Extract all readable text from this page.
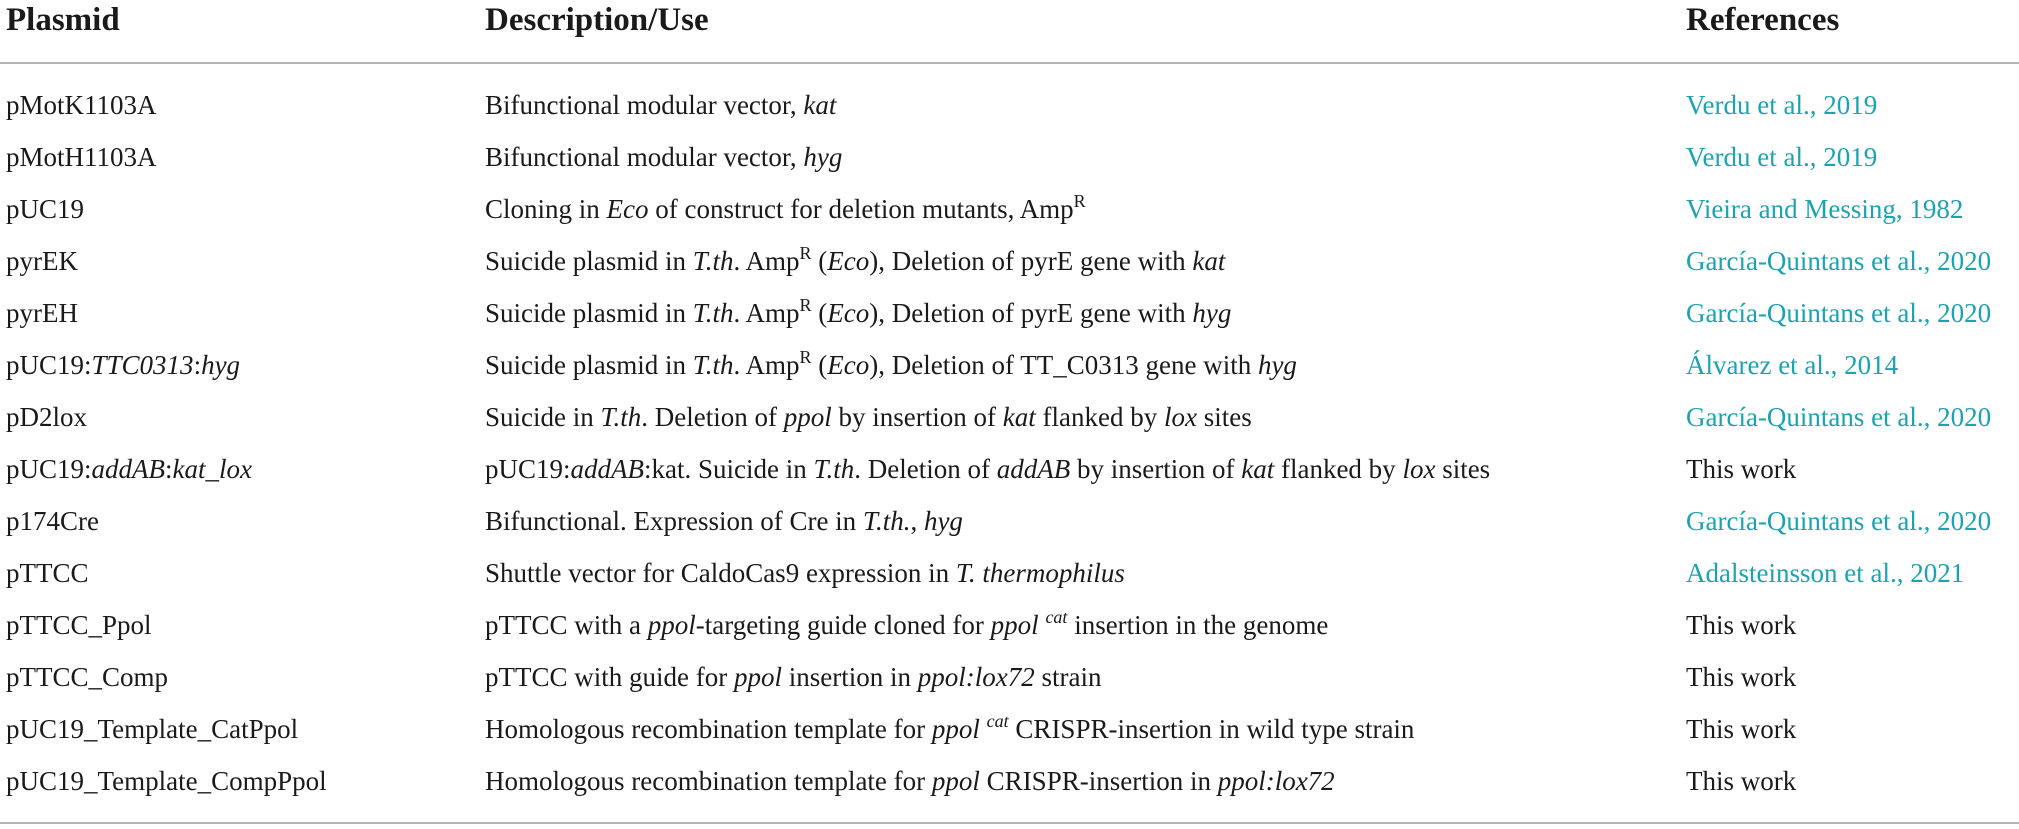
Plasmid	Description/Use	References
pMotK1103A	Bifunctional modular vector, kat	Verdu et al., 2019
pMotH1103A	Bifunctional modular vector, hyg	Verdu et al., 2019
pUC19	Cloning in Eco of construct for deletion mutants, Amp$^R$	Vieira and Messing, 1982
pyrEK	Suicide plasmid in T.th. Amp$^R$ (Eco), Deletion of pyrE gene with kat	García-Quintans et al., 2020
pyrEH	Suicide plasmid in T.th. Amp$^R$ (Eco), Deletion of pyrE gene with hyg	García-Quintans et al., 2020
pUC19:TTC0313:hyg	Suicide plasmid in T.th. Amp$^R$ (Eco), Deletion of TT_C0313 gene with hyg	Álvarez et al., 2014
pD2lox	Suicide in T.th. Deletion of ppol by insertion of kat flanked by lox sites	García-Quintans et al., 2020
pUC19:addAB:kat_lox	pUC19:addAB:kat. Suicide in T.th. Deletion of addAB by insertion of kat flanked by lox sites	This work
p174Cre	Bifunctional. Expression of Cre in T.th., hyg	García-Quintans et al., 2020
pTTCC	Shuttle vector for CaldoCas9 expression in T. thermophilus	Adalsteinsson et al., 2021
pTTCC_Ppol	pTTCC with a ppol-targeting guide cloned for ppol $^{cat}$ insertion in the genome	This work
pTTCC_Comp	pTTCC with guide for ppol insertion in ppol:lox72 strain	This work
pUC19_Template_CatPpol	Homologous recombination template for ppol $^{cat}$ CRISPR-insertion in wild type strain	This work
pUC19_Template_CompPpol	Homologous recombination template for ppol CRISPR-insertion in ppol:lox72	This work
